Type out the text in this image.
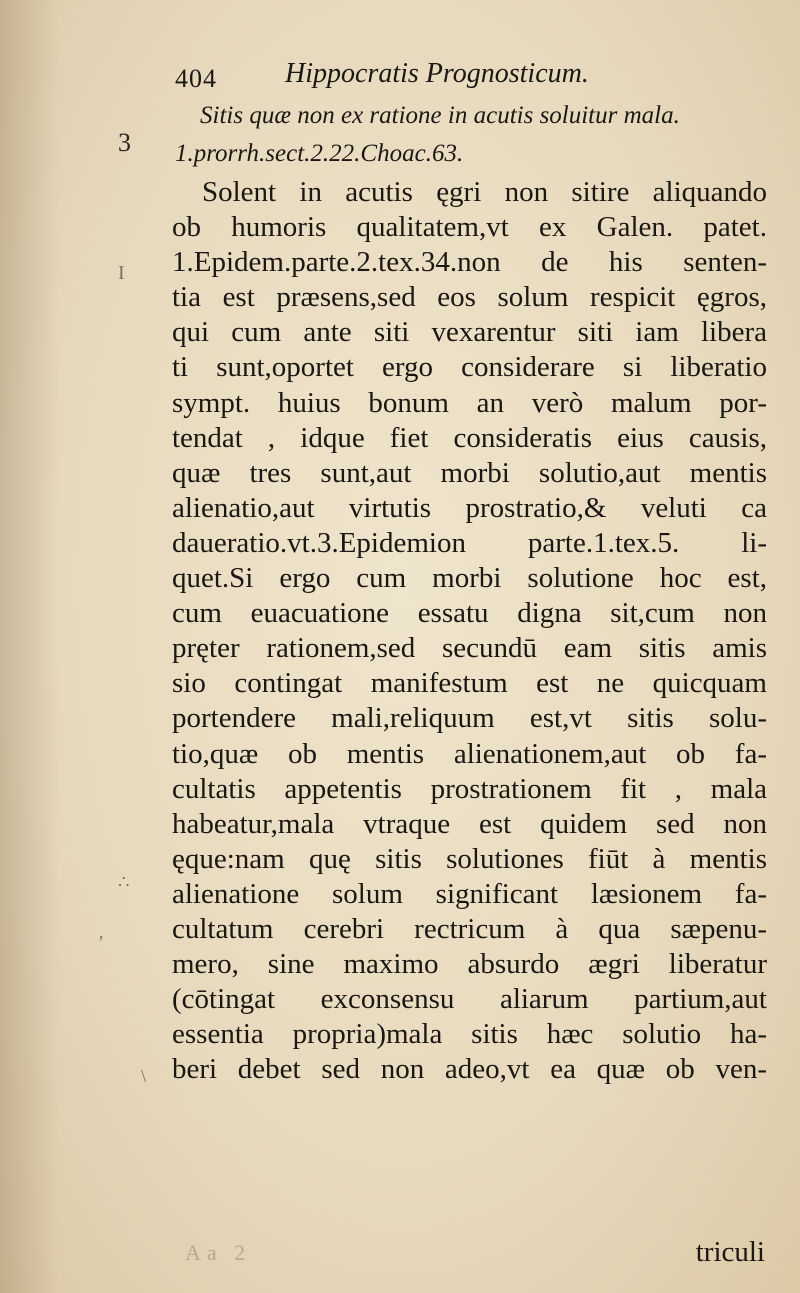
404 Hippocratis Prognosticum.
3
I
∴
‚
\
Sitis quæ non ex ratione in acutis soluitur mala.
1.prorrh.sect.2.22.Choac.63.
Solent in acutis ęgri non sitire aliquando
ob humoris qualitatem,vt ex Galen. patet.
1.Epidem.parte.2.tex.34.non de his senten-
tia est præsens,sed eos solum respicit ęgros,
qui cum ante siti vexarentur siti iam libera
ti sunt,oportet ergo considerare si liberatio
sympt. huius bonum an verò malum por-
tendat , idque fiet consideratis eius causis,
quæ tres sunt,aut morbi solutio,aut mentis
alienatio,aut virtutis prostratio,& veluti ca
daueratio.vt.3.Epidemion parte.1.tex.5. li-
quet.Si ergo cum morbi solutione hoc est,
cum euacuatione essatu digna sit,cum non
pręter rationem,sed secundū eam sitis amis
sio contingat manifestum est ne quicquam
portendere mali,reliquum est,vt sitis solu-
tio,quæ ob mentis alienationem,aut ob fa-
cultatis appetentis prostrationem fit , mala
habeatur,mala vtraque est quidem sed non
ęque:nam quę sitis solutiones fiūt à mentis
alienatione solum significant læsionem fa-
cultatum cerebri rectricum à qua sæpenu-
mero, sine maximo absurdo ægri liberatur
(cōtingat exconsensu aliarum partium,aut
essentia propria)mala sitis hæc solutio ha-
beri debet sed non adeo,vt ea quæ ob ven-
Aa 2	triculi
